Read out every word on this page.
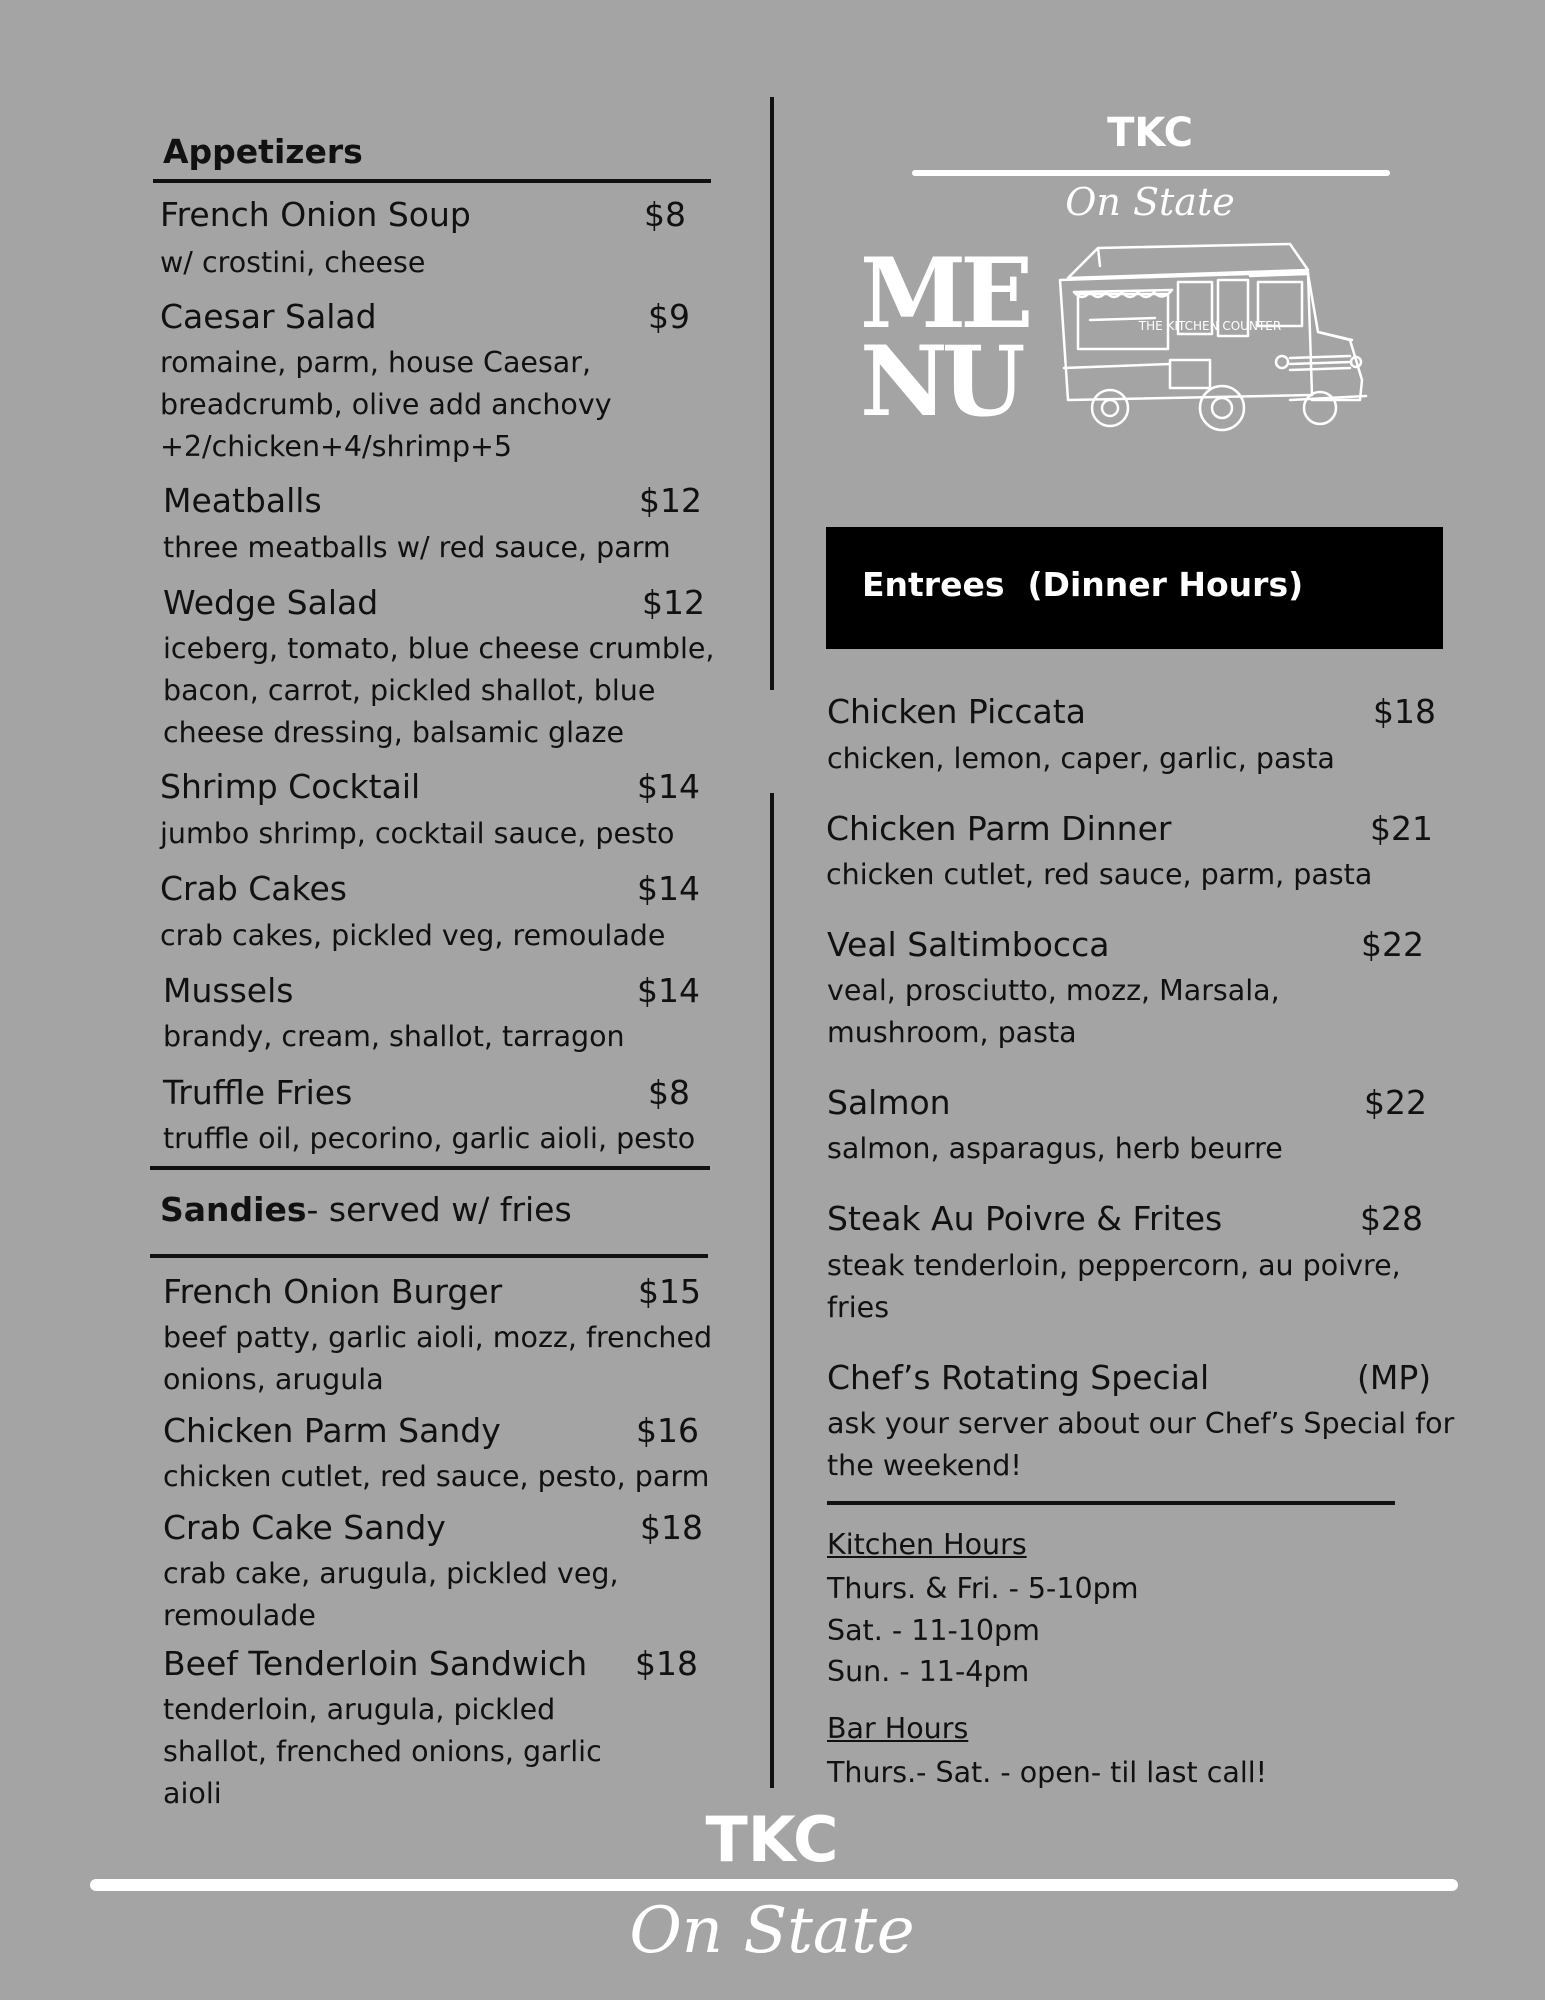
Appetizers
French Onion Soup	$8
w/ crostini, cheese
Caesar Salad	$9
romaine, parm, house Caesar, breadcrumb, olive add anchovy +2/chicken+4/shrimp+5
Meatballs	$12
three meatballs w/ red sauce, parm
Wedge Salad	$12
iceberg, tomato, blue cheese crumble, bacon, carrot, pickled shallot, blue cheese dressing, balsamic glaze
Shrimp Cocktail	$14
jumbo shrimp, cocktail sauce, pesto
Crab Cakes	$14
crab cakes, pickled veg, remoulade
Mussels	$14
brandy, cream, shallot, tarragon
Truffle Fries	$8
truffle oil, pecorino, garlic aioli, pesto
Sandies- served w/ fries
French Onion Burger	$15
beef patty, garlic aioli, mozz, frenched onions, arugula
Chicken Parm Sandy	$16
chicken cutlet, red sauce, pesto, parm
Crab Cake Sandy	$18
crab cake, arugula, pickled veg, remoulade
Beef Tenderloin Sandwich $18
tenderloin, arugula, pickled shallot, frenched onions, garlic aioli
TKC
On State
ME
NU	THE KITCHEN COUNTER
Entrees  (Dinner Hours)
Chicken Piccata	$18
chicken, lemon, caper, garlic, pasta
Chicken Parm Dinner	$21
chicken cutlet, red sauce, parm, pasta
Veal Saltimbocca	$22
veal, prosciutto, mozz, Marsala, mushroom, pasta
Salmon	$22
salmon, asparagus, herb beurre
Steak Au Poivre & Frites	$28
steak tenderloin, peppercorn, au poivre, fries
Chef’s Rotating Special	(MP)
ask your server about our Chef’s Special for the weekend!
Kitchen Hours
Thurs. & Fri. - 5-10pm
Sat. - 11-10pm
Sun. - 11-4pm
Bar Hours
Thurs.- Sat. - open- til last call!
TKC
On State
